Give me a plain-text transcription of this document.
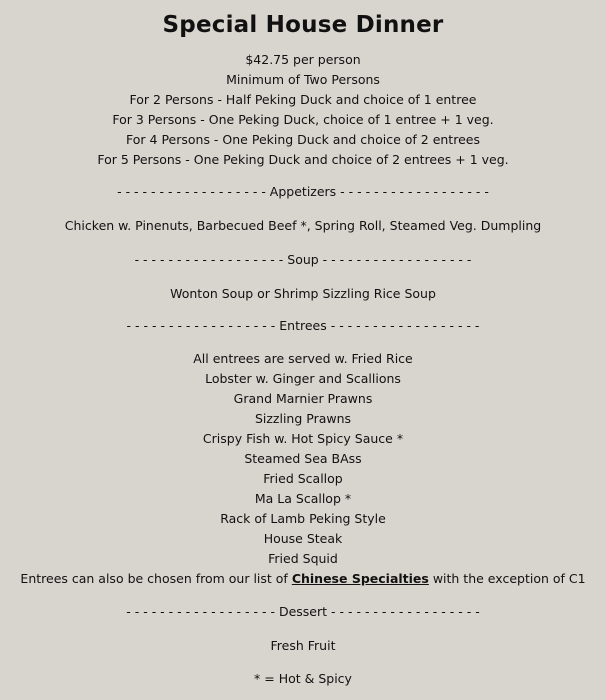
Special House Dinner
$42.75 per person
Minimum of Two Persons
For 2 Persons - Half Peking Duck and choice of 1 entree
For 3 Persons - One Peking Duck, choice of 1 entree + 1 veg.
For 4 Persons - One Peking Duck and choice of 2 entrees
For 5 Persons - One Peking Duck and choice of 2 entrees + 1 veg.
- - - - - - - - - - - - - - - - - - Appetizers - - - - - - - - - - - - - - - - - -
Chicken w. Pinenuts, Barbecued Beef *, Spring Roll, Steamed Veg. Dumpling
- - - - - - - - - - - - - - - - - - Soup - - - - - - - - - - - - - - - - - -
Wonton Soup or Shrimp Sizzling Rice Soup
- - - - - - - - - - - - - - - - - - Entrees - - - - - - - - - - - - - - - - - -
All entrees are served w. Fried Rice
Lobster w. Ginger and Scallions
Grand Marnier Prawns
Sizzling Prawns
Crispy Fish w. Hot Spicy Sauce *
Steamed Sea BAss
Fried Scallop
Ma La Scallop *
Rack of Lamb Peking Style
House Steak
Fried Squid
Entrees can also be chosen from our list of Chinese Specialties with the exception of C1
- - - - - - - - - - - - - - - - - - Dessert - - - - - - - - - - - - - - - - - -
Fresh Fruit
* = Hot & Spicy
